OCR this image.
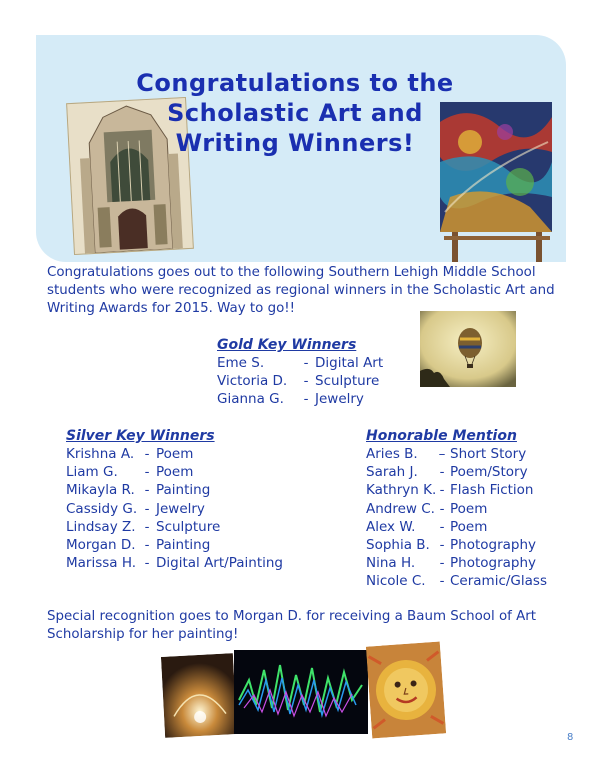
Congratulations to the Scholastic Art and Writing Winners!

Congratulations goes out to the following Southern Lehigh Middle School students who were recognized as regional winners in the Scholastic Art and Writing Awards for 2015. Way to go!!

Gold Key Winners
Eme S.	- Digital Art
Victoria D.	- Sculpture
Gianna G.	- Jewelry
Silver Key Winners
Krishna A. - Poem
Liam G.	- Poem
Mikayla R. - Painting
Cassidy G. - Jewelry
Lindsay Z. - Sculpture
Morgan D. - Painting
Marissa H. - Digital Art/Painting
Honorable Mention
Aries B.	– Short Story
Sarah J.	- Poem/Story
Kathryn K. - Flash Fiction
Andrew C. - Poem
Alex W.	- Poem
Sophia B. - Photography
Nina H.	- Photography
Nicole C.	- Ceramic/Glass

Special recognition goes to Morgan D. for receiving a Baum School of Art Scholarship for her painting!

8
